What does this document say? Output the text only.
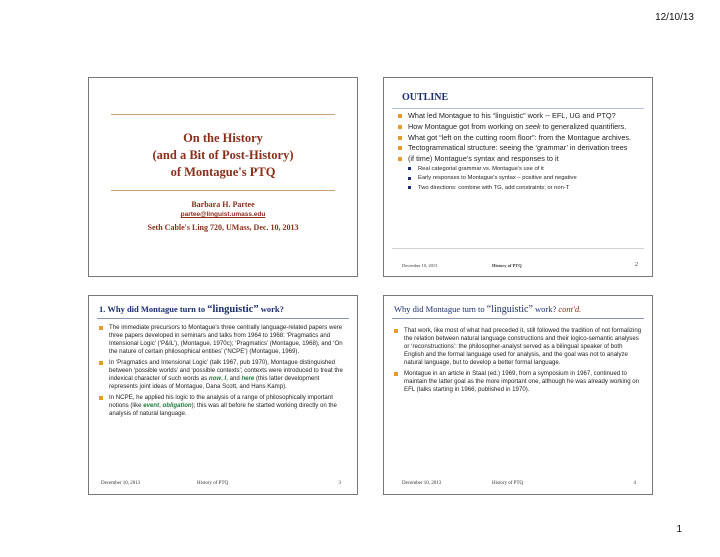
12/10/13
On the History
(and a Bit of Post-History)
of Montague's PTQ
Barbara H. Partee
partee@linguist.umass.edu
Seth Cable's Ling 720, UMass, Dec. 10, 2013
OUTLINE
What led Montague to his “linguistic” work -- EFL, UG and PTQ?
How Montague got from working on seek to generalized quantifiers.
What got “left on the cutting room floor”: from the Montague archives.
Tectogrammatical structure: seeing the ‘grammar’ in derivation trees
(if time) Montague's syntax and responses to it
Real categorial grammar vs. Montague's use of it
Early responses to Montague's syntax – positive and negative
Two directions: combine with TG, add constraints; or non-T
December 10, 2013	History of PTQ	2
1. Why did Montague turn to “linguistic” work?
The immediate precursors to Montague's three centrally language-related papers were three papers developed in seminars and talks from 1964 to 1968: ‘Pragmatics and Intensional Logic’ (‘P&IL’), (Montague, 1970c); ‘Pragmatics’ (Montague, 1968), and ‘On the nature of certain philosophical entities’ (‘NCPE’) (Montague, 1969).
In ‘Pragmatics and Intensional Logic’ (talk 1967, pub 1970), Montague distinguished between ‘possible worlds’ and ‘possible contexts’; contexts were introduced to treat the indexical character of such words as now, I, and here (this latter development represents joint ideas of Montague, Dana Scott, and Hans Kamp).
In NCPE, he applied his logic to the analysis of a range of philosophically important notions (like event, obligation); this was all before he started working directly on the analysis of natural language.
December 10, 2013	History of PTQ	3
Why did Montague turn to “linguistic” work? cont'd.
That work, like most of what had preceded it, still followed the tradition of not formalizing the relation between natural language constructions and their logico-semantic analyses or ‘reconstructions’: the philosopher-analyst served as a bilingual speaker of both English and the formal language used for analysis, and the goal was not to analyze natural language, but to develop a better formal language.
Montague in an article in Staal (ed.) 1969, from a symposium in 1967, continued to maintain the latter goal as the more important one, although he was already working on EFL (talks starting in 1966, published in 1970).
December 10, 2013	History of PTQ	4
1
